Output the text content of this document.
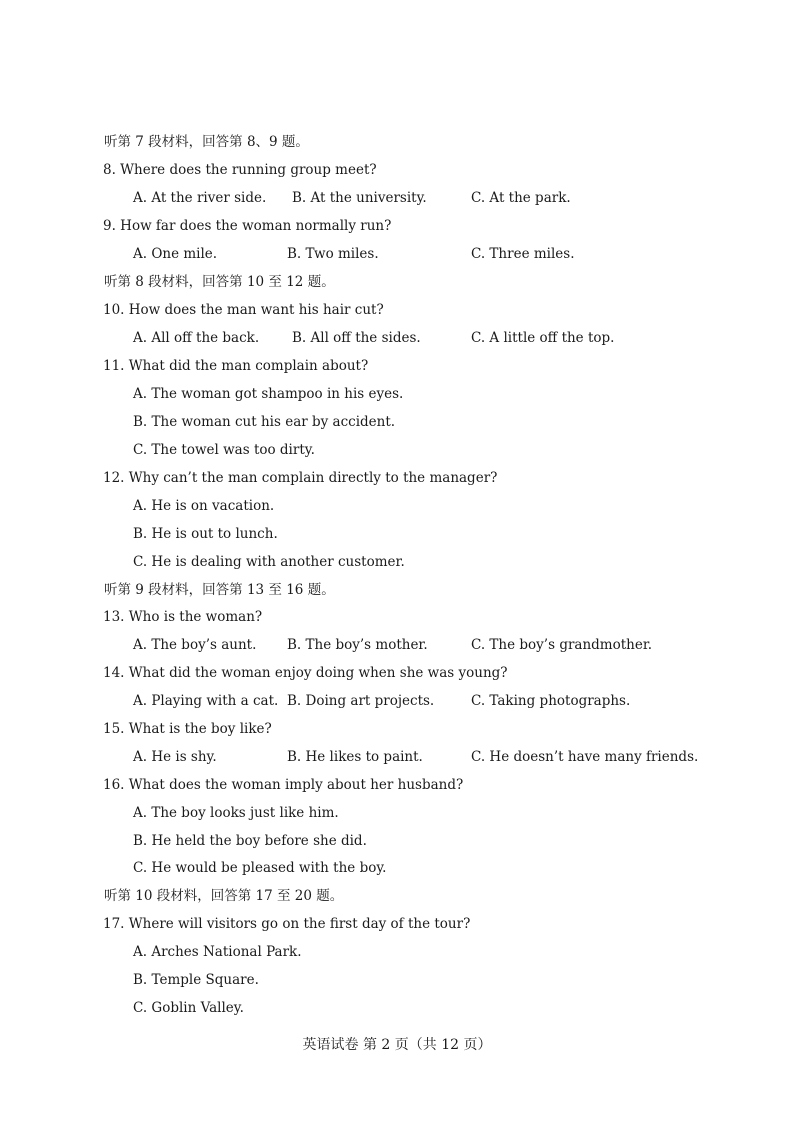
听第 7 段材料，回答第 8、9 题。
8. Where does the running group meet?
A. At the river side. B. At the university.	C. At the park.
9. How far does the woman normally run?
A. One mile.	B. Two miles.	C. Three miles.
听第 8 段材料，回答第 10 至 12 题。
10. How does the man want his hair cut?
A. All off the back. B. All off the sides.	C. A little off the top.
11. What did the man complain about?
A. The woman got shampoo in his eyes.
B. The woman cut his ear by accident.
C. The towel was too dirty.
12. Why can’t the man complain directly to the manager?
A. He is on vacation.
B. He is out to lunch.
C. He is dealing with another customer.
听第 9 段材料，回答第 13 至 16 题。
13. Who is the woman?
A. The boy’s aunt. B. The boy’s mother.	C. The boy’s grandmother.
14. What did the woman enjoy doing when she was young?
A. Playing with a cat. B. Doing art projects.	C. Taking photographs.
15. What is the boy like?
A. He is shy.	B. He likes to paint.	C. He doesn’t have many friends.
16. What does the woman imply about her husband?
A. The boy looks just like him.
B. He held the boy before she did.
C. He would be pleased with the boy.
听第 10 段材料，回答第 17 至 20 题。
17. Where will visitors go on the first day of the tour?
A. Arches National Park.
B. Temple Square.
C. Goblin Valley.
英语试卷 第 2 页（共 12 页）
